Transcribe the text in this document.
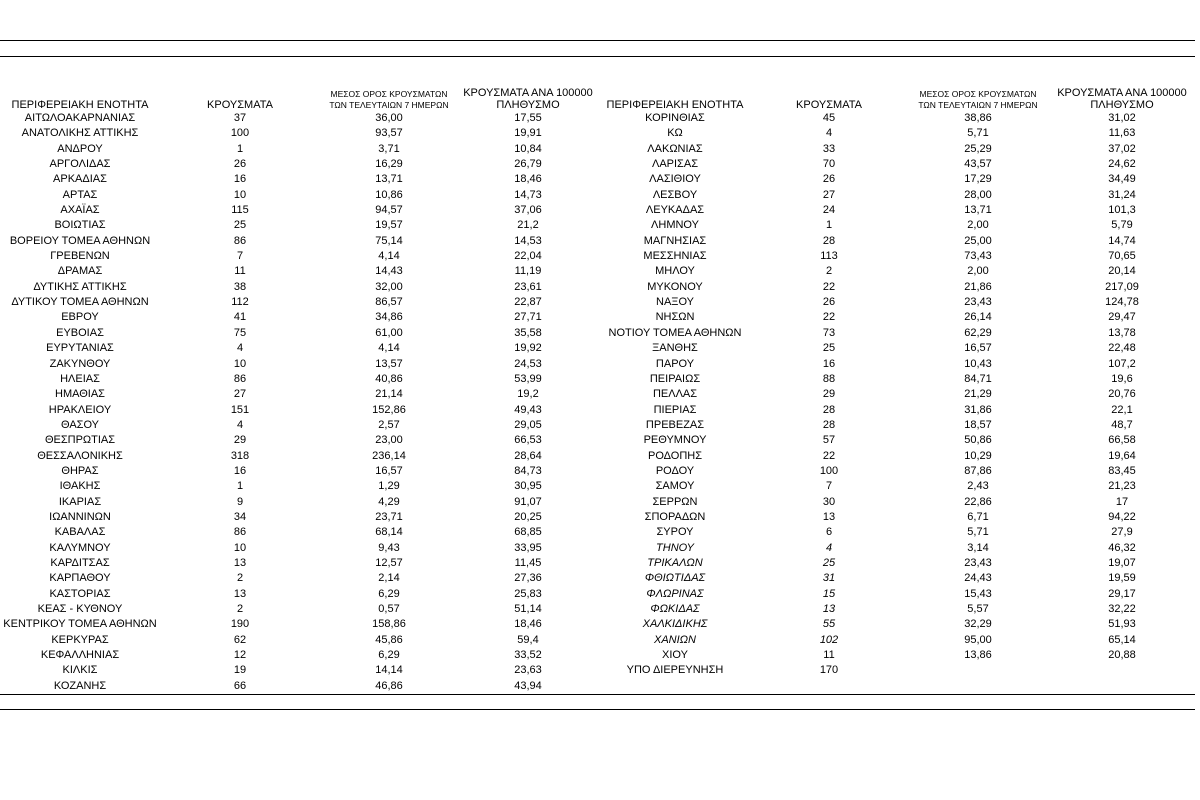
ΠΕΡΙΦΕΡΕΙΑΚΗ ΕΝΟΤΗΤΑ	ΚΡΟΥΣΜΑΤΑ
ΜΕΣΟΣ ΟΡΟΣ ΚΡΟΥΣΜΑΤΩΝ
ΤΩΝ ΤΕΛΕΥΤΑΙΩΝ 7 ΗΜΕΡΩΝ
ΚΡΟΥΣΜΑΤΑ ΑΝΑ 100000
ΠΛΗΘΥΣΜΟ
ΑΙΤΩΛΟΑΚΑΡΝΑΝΙΑΣ	37	36,00	17,55
ΑΝΑΤΟΛΙΚΗΣ ΑΤΤΙΚΗΣ	100	93,57	19,91
ΑΝΔΡΟΥ	1	3,71	10,84
ΑΡΓΟΛΙΔΑΣ	26	16,29	26,79
ΑΡΚΑΔΙΑΣ	16	13,71	18,46
ΑΡΤΑΣ	10	10,86	14,73
ΑΧΑΪΑΣ	115	94,57	37,06
ΒΟΙΩΤΙΑΣ	25	19,57	21,2
ΒΟΡΕΙΟΥ ΤΟΜΕΑ ΑΘΗΝΩΝ	86	75,14	14,53
ΓΡΕΒΕΝΩΝ	7	4,14	22,04
ΔΡΑΜΑΣ	11	14,43	11,19
ΔΥΤΙΚΗΣ ΑΤΤΙΚΗΣ	38	32,00	23,61
ΔΥΤΙΚΟΥ ΤΟΜΕΑ ΑΘΗΝΩΝ	112	86,57	22,87
ΕΒΡΟΥ	41	34,86	27,71
ΕΥΒΟΙΑΣ	75	61,00	35,58
ΕΥΡΥΤΑΝΙΑΣ	4	4,14	19,92
ΖΑΚΥΝΘΟΥ	10	13,57	24,53
ΗΛΕΙΑΣ	86	40,86	53,99
ΗΜΑΘΙΑΣ	27	21,14	19,2
ΗΡΑΚΛΕΙΟΥ	151	152,86	49,43
ΘΑΣΟΥ	4	2,57	29,05
ΘΕΣΠΡΩΤΙΑΣ	29	23,00	66,53
ΘΕΣΣΑΛΟΝΙΚΗΣ	318	236,14	28,64
ΘΗΡΑΣ	16	16,57	84,73
ΙΘΑΚΗΣ	1	1,29	30,95
ΙΚΑΡΙΑΣ	9	4,29	91,07
ΙΩΑΝΝΙΝΩΝ	34	23,71	20,25
ΚΑΒΑΛΑΣ	86	68,14	68,85
ΚΑΛΥΜΝΟΥ	10	9,43	33,95
ΚΑΡΔΙΤΣΑΣ	13	12,57	11,45
ΚΑΡΠΑΘΟΥ	2	2,14	27,36
ΚΑΣΤΟΡΙΑΣ	13	6,29	25,83
ΚΕΑΣ - ΚΥΘΝΟΥ	2	0,57	51,14
ΚΕΝΤΡΙΚΟΥ ΤΟΜΕΑ ΑΘΗΝΩΝ	190	158,86	18,46
ΚΕΡΚΥΡΑΣ	62	45,86	59,4
ΚΕΦΑΛΛΗΝΙΑΣ	12	6,29	33,52
ΚΙΛΚΙΣ	19	14,14	23,63
ΚΟΖΑΝΗΣ	66	46,86	43,94
ΠΕΡΙΦΕΡΕΙΑΚΗ ΕΝΟΤΗΤΑ	ΚΡΟΥΣΜΑΤΑ
ΜΕΣΟΣ ΟΡΟΣ ΚΡΟΥΣΜΑΤΩΝ
ΤΩΝ ΤΕΛΕΥΤΑΙΩΝ 7 ΗΜΕΡΩΝ
ΚΡΟΥΣΜΑΤΑ ΑΝΑ 100000
ΠΛΗΘΥΣΜΟ
ΚΟΡΙΝΘΙΑΣ	45	38,86	31,02
ΚΩ	4	5,71	11,63
ΛΑΚΩΝΙΑΣ	33	25,29	37,02
ΛΑΡΙΣΑΣ	70	43,57	24,62
ΛΑΣΙΘΙΟΥ	26	17,29	34,49
ΛΕΣΒΟΥ	27	28,00	31,24
ΛΕΥΚΑΔΑΣ	24	13,71	101,3
ΛΗΜΝΟΥ	1	2,00	5,79
ΜΑΓΝΗΣΙΑΣ	28	25,00	14,74
ΜΕΣΣΗΝΙΑΣ	113	73,43	70,65
ΜΗΛΟΥ	2	2,00	20,14
ΜΥΚΟΝΟΥ	22	21,86	217,09
ΝΑΞΟΥ	26	23,43	124,78
ΝΗΣΩΝ	22	26,14	29,47
ΝΟΤΙΟΥ ΤΟΜΕΑ ΑΘΗΝΩΝ	73	62,29	13,78
ΞΑΝΘΗΣ	25	16,57	22,48
ΠΑΡΟΥ	16	10,43	107,2
ΠΕΙΡΑΙΩΣ	88	84,71	19,6
ΠΕΛΛΑΣ	29	21,29	20,76
ΠΙΕΡΙΑΣ	28	31,86	22,1
ΠΡΕΒΕΖΑΣ	28	18,57	48,7
ΡΕΘΥΜΝΟΥ	57	50,86	66,58
ΡΟΔΟΠΗΣ	22	10,29	19,64
ΡΟΔΟΥ	100	87,86	83,45
ΣΑΜΟΥ	7	2,43	21,23
ΣΕΡΡΩΝ	30	22,86	17
ΣΠΟΡΑΔΩΝ	13	6,71	94,22
ΣΥΡΟΥ	6	5,71	27,9
ΤΗΝΟΥ	4	3,14	46,32
ΤΡΙΚΑΛΩΝ	25	23,43	19,07
ΦΘΙΩΤΙΔΑΣ	31	24,43	19,59
ΦΛΩΡΙΝΑΣ	15	15,43	29,17
ΦΩΚΙΔΑΣ	13	5,57	32,22
ΧΑΛΚΙΔΙΚΗΣ	55	32,29	51,93
ΧΑΝΙΩΝ	102	95,00	65,14
ΧΙΟΥ	11	13,86	20,88
ΥΠΟ ΔΙΕΡΕΥΝΗΣΗ	170
